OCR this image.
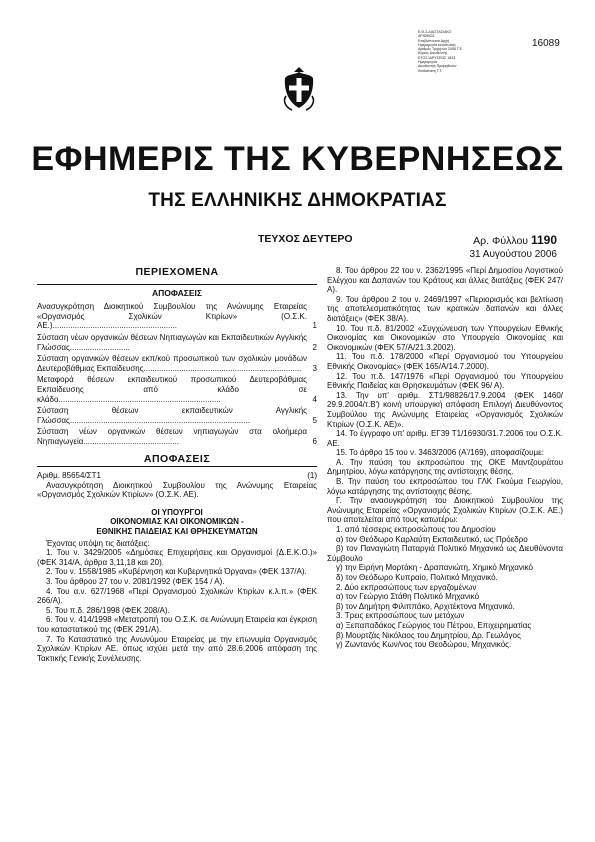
Ε.Θ.Σ.ΔΙΑΣΤΑΣΙΑΚΟ
ΑΡΙΘΜΟΣ
Επιβλέπουσα Αρχή
Ημερομηνία εκτύπωσης
Αριθμός Τριμήνου 2006 Τ.Ε.
Κύριος Διευθυντής
ΕΤΟΣ ΙΔΡΥΣΕΩΣ 1833
Ημερομηνία
Διευθυντής Προμηθειών
Κατάσταση Τ.Τ.
16089
ΕΦΗΜΕΡΙΣ ΤΗΣ ΚΥΒΕΡΝΗΣΕΩΣ
ΤΗΣ ΕΛΛΗΝΙΚΗΣ ΔΗΜΟΚΡΑΤΙΑΣ
ΤΕΥΧΟΣ ΔΕΥΤΕΡΟ	Αρ. Φύλλου 1190
31 Αυγούστου 2006
ΠΕΡΙΕΧΟΜΕΝΑ
ΑΠΟΦΑΣΕΙΣ
Ανασυγκρότηση Διοικητικού Συμβουλίου της Ανώνυμης Εταιρείας «Οργανισμός Σχολικών Κτιρίων» (Ο.Σ.Κ. ΑΕ.)........................................................	1
Σύσταση νέων οργανικών θέσεων Νηπιαγωγών και Εκπαιδευτικών Αγγλικής Γλώσσας...........................	2
Σύσταση οργανικών θέσεων εκπ/κού προσωπικού των σχολικών μονάδων Δευτεροβάθμιας Εκπαίδευσης.......................................................................	3
Μεταφορά θέσεων εκπαιδευτικού προσωπικού Δευτεροβάθμιας Εκπαίδευσης από κλάδο σε κλάδο.........................................................................	4
Σύσταση θέσεων εκπαιδευτικών Αγγλικής Γλώσσας.................................................................................	5
Σύσταση νέων οργανικών θέσεων νηπιαγωγών στα ολοήμερα Νηπιαγωγεία...........................................	6
ΑΠΟΦΑΣΕΙΣ
Αριθμ. 85654/ΣΤ1	(1)

Ανασυγκρότηση Διοικητικού Συμβουλίου της Ανώνυμης Εταιρείας «Οργανισμός Σχολικών Κτιρίων» (Ο.Σ.Κ. ΑΕ).

ΟΙ ΥΠΟΥΡΓΟΙ
ΟΙΚΟΝΟΜΙΑΣ ΚΑΙ ΟΙΚΟΝΟΜΙΚΩΝ -
ΕΘΝΙΚΗΣ ΠΑΙΔΕΙΑΣ ΚΑΙ ΘΡΗΣΚΕΥΜΑΤΩΝ

Έχοντας υπόψη τις διατάξεις:

1. Του ν. 3429/2005 «Δημόσιες Επιχειρήσεις και Οργανισμοί (Δ.Ε.Κ.Ο.)» (ΦΕΚ 314/Α, άρθρα 3,11,18 και 20).

2. Του ν. 1558/1985 «Κυβέρνηση και Κυβερνητικά Όργανα» (ΦΕΚ 137/Α).

3. Του άρθρου 27 του ν. 2081/1992 (ΦΕΚ 154 / Α).

4. Του α.ν. 627/1968 «Περί Οργανισμού Σχολικών Κτιρίων κ.λ.π.» (ΦΕΚ 266/Α).

5. Του π.δ. 286/1998 (ΦΕΚ 208/Α).

6. Του ν. 414/1998 «Μετατροπή του Ο.Σ.Κ. σε Ανώνυμη Εταιρεία και έγκριση του καταστατικού της (ΦΕΚ 291/Α).

7. Το Καταστατικό της Ανωνύμου Εταιρείας με την επωνυμία Οργανισμός Σχολικών Κτιρίων ΑΕ. όπως ισχύει μετά την από 28.6.2006 απόφαση της Τακτικής Γενικής Συνέλευσης.

8. Του άρθρου 22 του ν. 2362/1995 «Περί Δημοσίου Λογιστικού Ελέγχου και Δαπανών του Κράτους και άλλες διατάξεις (ΦΕΚ 247/Α).

9. Του άρθρου 2 του ν. 2469/1997 «Περιορισμός και βελτίωση της αποτελεσματικότητας των κρατικών δαπανών και άλλες διατάξεις» (ΦΕΚ 38/Α).

10. Του π.δ. 81/2002 «Συγχώνευση των Υπουργείων Εθνικής Οικονομίας και Οικονομικών στο Υπουργείο Οικονομίας και Οικονομικών (ΦΕΚ 57/Α/21.3.2002).

11. Του π.δ. 178/2000 «Περί Οργανισμού του Υπουργείου Εθνικής Οικονομίας» (ΦΕΚ 165/Α/14.7.2000).

12. Του π.δ. 147/1976 «Περί Οργανισμού του Υπουργείου Εθνικής Παιδείας και Θρησκευμάτων (ΦΕΚ 96/ Α).

13. Την υπ' αριθμ. ΣΤ1/98826/17.9.2004 (ΦΕΚ 1460/ 29.9.2004/τ.Β') κοινή υπουργική απόφαση Επιλογή Διευθύνοντος Συμβούλου της Ανώνυμης Εταιρείας «Οργανισμός Σχολικών Κτιρίων (Ο.Σ.Κ. ΑΕ)».

14. Το έγγραφο υπ' αριθμ. ΕΓ39 Τ1/16930/31.7.2006 του Ο.Σ.Κ. ΑΕ.

15. Το άρθρο 15 του ν. 3463/2006 (Α'/169), αποφασίζουμε:

Α. Την παύση του εκπροσώπου της ΟΚΕ Μαντζουράτου Δημητρίου, λόγω κατάργησης της αντίστοιχης θέσης.

Β. Την παύση του εκπροσώπου του ΓΛΚ Γκούμα Γεωργίου, λόγω κατάργησης της αντίστοιχης θέσης.

Γ. Την ανασυγκρότηση του Διοικητικού Συμβουλίου της Ανώνυμης Εταιρείας «Οργανισμός Σχολικών Κτιρίων (Ο.Σ.Κ. ΑΕ.) που αποτελείται από τους κατωτέρω:

1. από τέσσερις εκπροσώπους του Δημοσίου

α) τον Θεόδωρο Καρλαύτη Εκπαιδευτικό, ως Πρόεδρο

β) τον Παναγιώτη Παταργιά Πολιτικό Μηχανικό ως Διευθύνοντα Σύμβουλο

γ) την Ειρήνη Μορτάκη - Δραπανιώτη, Χημικό Μηχανικό

δ) τον Θεόδωρο Κυπραίο, Πολιτικό Μηχανικό.

2. Δύο εκπροσώπους των εργαζομένων

α) τον Γεώργιο Στάθη Πολιτικό Μηχανικό

β) τον Δημήτρη Φιλιππάκο, Αρχιτέκτονα Μηχανικό.

3. Τρεις εκπροσώπους των μετόχων

α) Ξεπαπαδάκος Γεώργιος του Πέτρου, Επιχειρηματίας

β) Μουρτζάς Νικόλαος του Δημητρίου, Δρ. Γεωλόγος

γ) Ζωντανός Κων/νος του Θεοδώρου, Μηχανικός.
